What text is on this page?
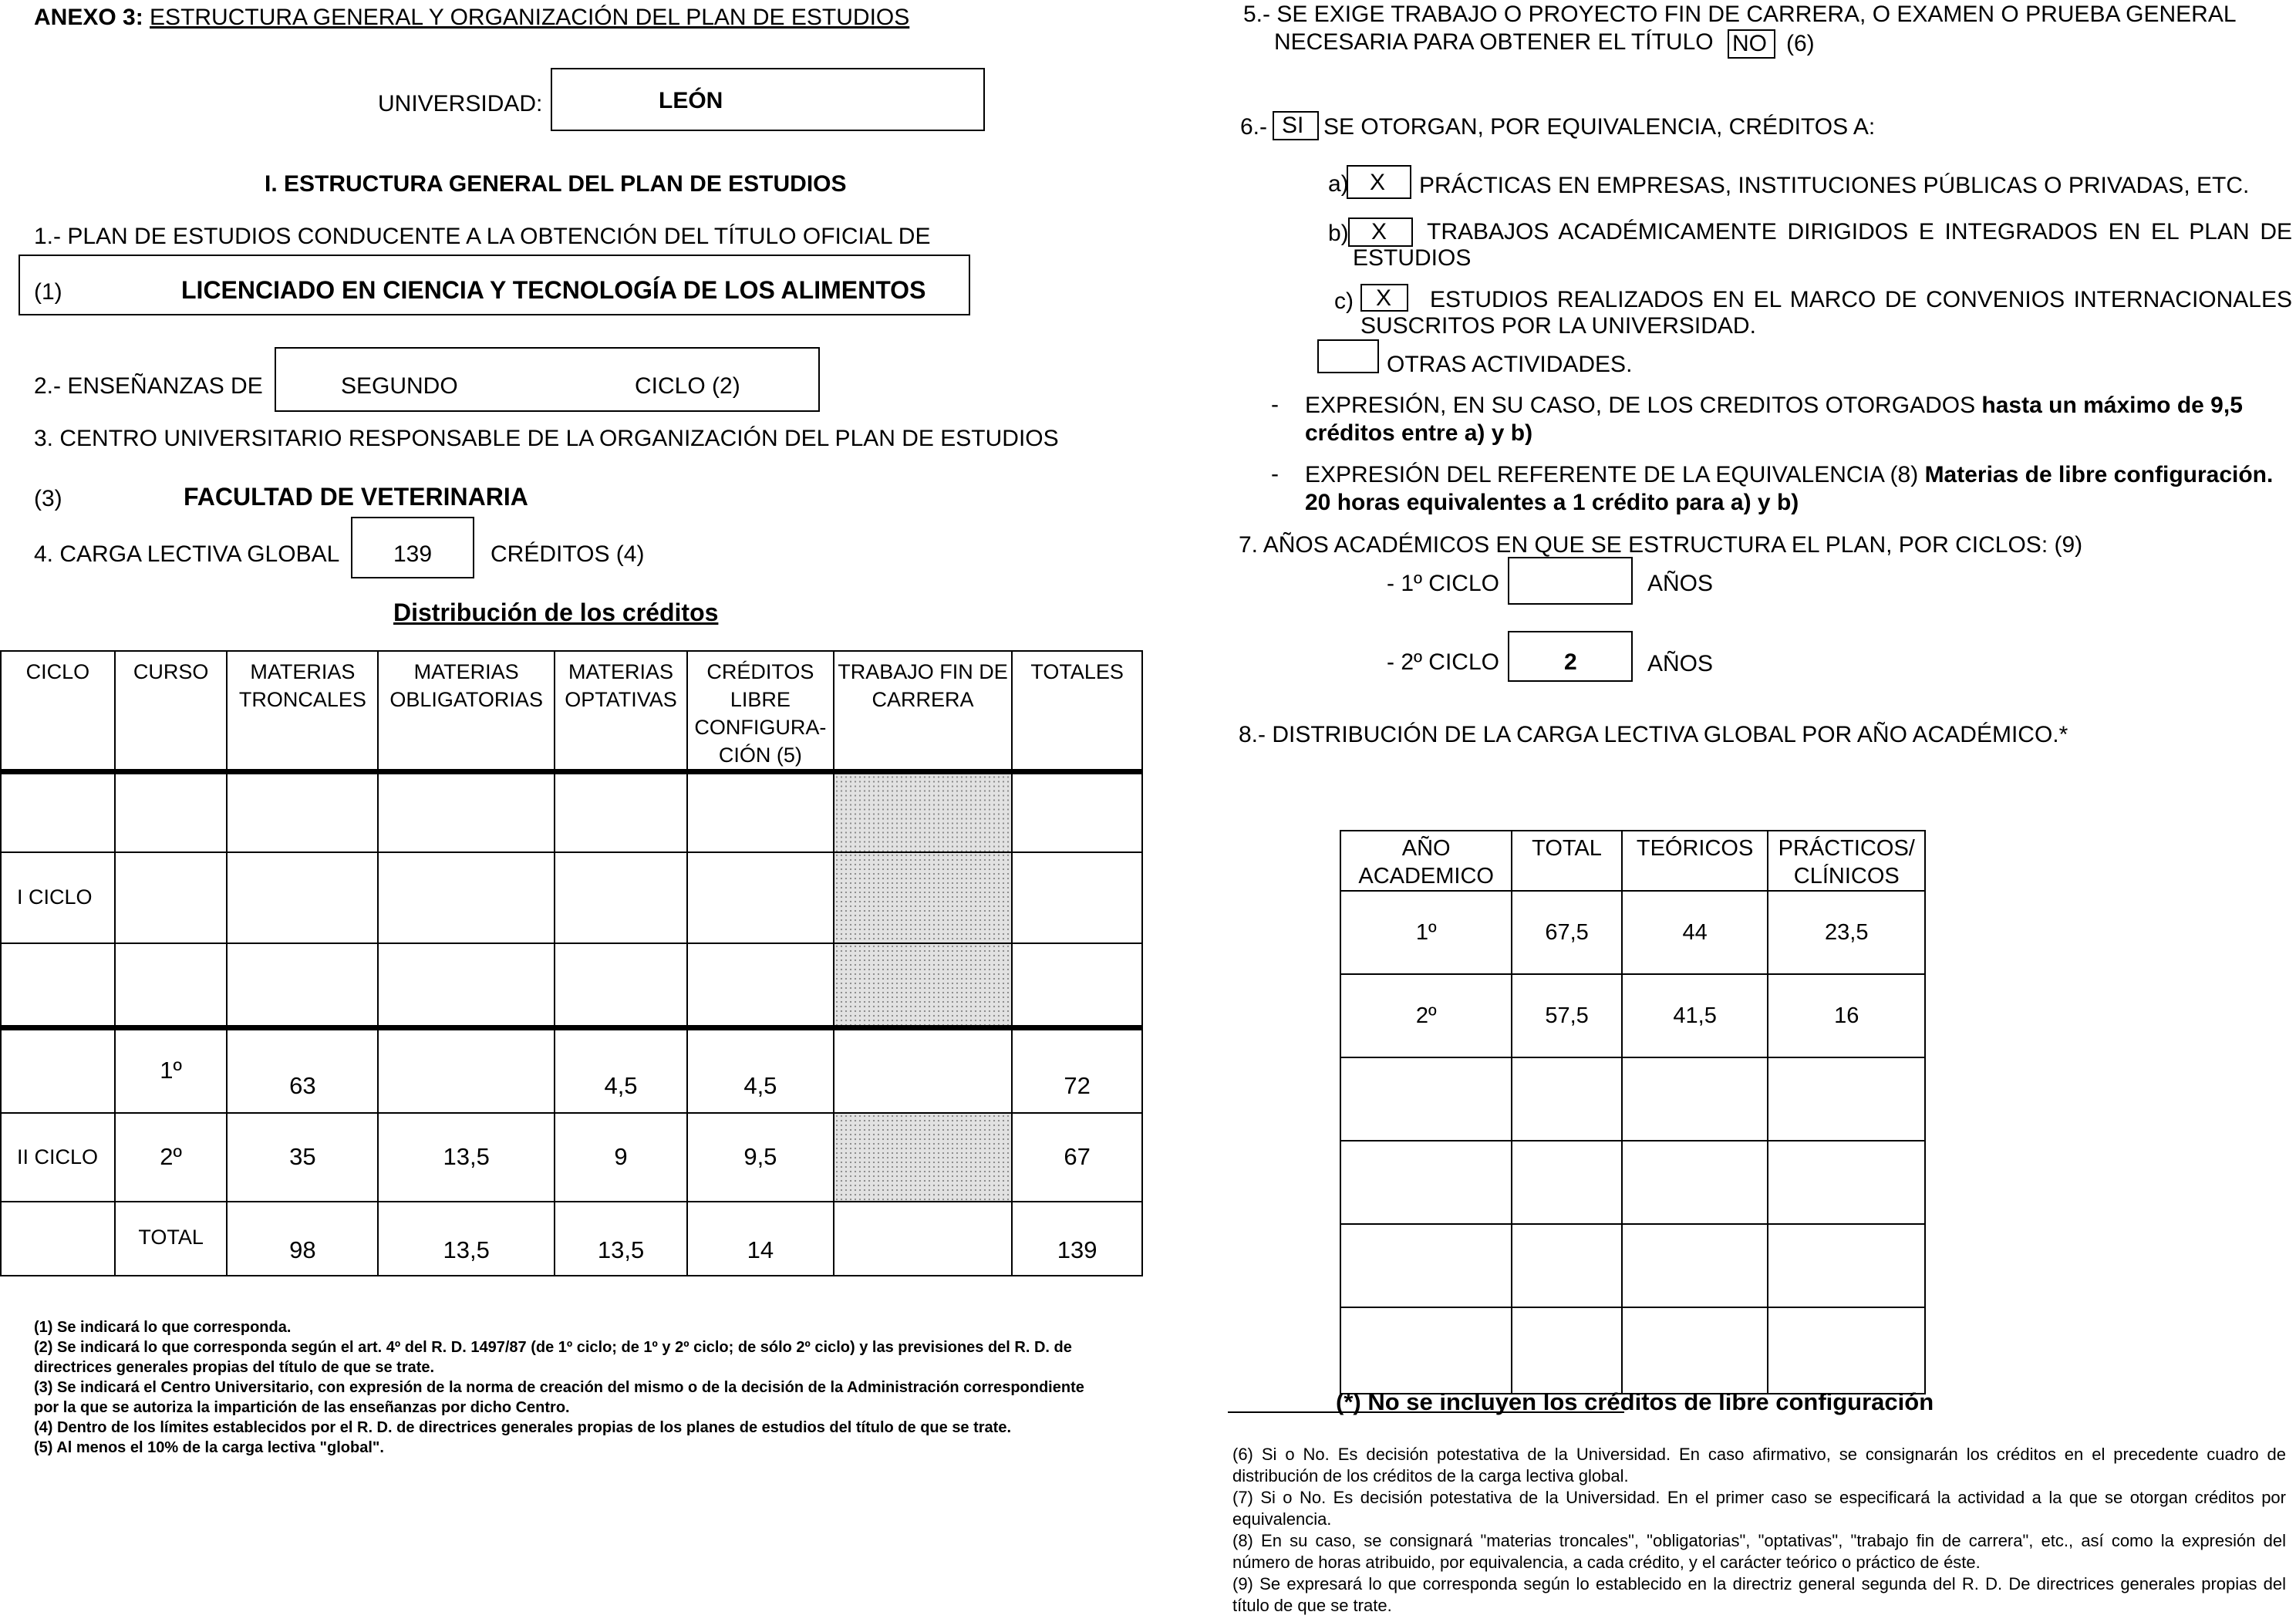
ANEXO 3: ESTRUCTURA GENERAL Y ORGANIZACIÓN DEL PLAN DE ESTUDIOS
UNIVERSIDAD:	LEÓN
I. ESTRUCTURA GENERAL DEL PLAN DE ESTUDIOS
1.- PLAN DE ESTUDIOS CONDUCENTE A LA OBTENCIÓN DEL TÍTULO OFICIAL DE
(1)	LICENCIADO EN CIENCIA Y TECNOLOGÍA DE LOS ALIMENTOS
2.- ENSEÑANZAS DE	SEGUNDO	CICLO (2)
3. CENTRO UNIVERSITARIO RESPONSABLE DE LA ORGANIZACIÓN DEL PLAN DE ESTUDIOS
(3)	FACULTAD DE VETERINARIA
4. CARGA LECTIVA GLOBAL 139	CRÉDITOS (4)
Distribución de los créditos
CICLO	CURSO	MATERIAS TRONCALES	MATERIAS OBLIGATORIAS	MATERIAS OPTATIVAS	CRÉDITOS LIBRE CONFIGURA- CIÓN (5)	TRABAJO FIN DE CARRERA	TOTALES

I CICLO							

	1º	63		4,5	4,5		72
II CICLO	2º	35	13,5	9	9,5		67
	TOTAL	98	13,5	13,5	14		139
(1) Se indicará lo que corresponda.
(2) Se indicará lo que corresponda según el art. 4º del R. D. 1497/87 (de 1º ciclo; de 1º y 2º ciclo; de sólo 2º ciclo) y las previsiones del R. D. de directrices generales propias del título de que se trate.
(3) Se indicará el Centro Universitario, con expresión de la norma de creación del mismo o de la decisión de la Administración correspondiente por la que se autoriza la impartición de las enseñanzas por dicho Centro.
(4) Dentro de los límites establecidos por el R. D. de directrices generales propias de los planes de estudios del título de que se trate.
(5) Al menos el 10% de la carga lectiva "global".
5.- SE EXIGE TRABAJO O PROYECTO FIN DE CARRERA, O EXAMEN O PRUEBA GENERAL
NECESARIA PARA OBTENER EL TÍTULO NO (6)
6.- SI SE OTORGAN, POR EQUIVALENCIA, CRÉDITOS A:
a) X PRÁCTICAS EN EMPRESAS, INSTITUCIONES PÚBLICAS O PRIVADAS, ETC.
b) X	TRABAJOS ACADÉMICAMENTE DIRIGIDOS E INTEGRADOS EN EL PLAN DE ESTUDIOS
c) X	ESTUDIOS REALIZADOS EN EL MARCO DE CONVENIOS INTERNACIONALES SUSCRITOS POR LA UNIVERSIDAD.
OTRAS ACTIVIDADES.
- EXPRESIÓN, EN SU CASO, DE LOS CREDITOS OTORGADOS hasta un máximo de 9,5 créditos entre a) y b)
- EXPRESIÓN DEL REFERENTE DE LA EQUIVALENCIA (8) Materias de libre configuración. 20 horas equivalentes a 1 crédito para a) y b)
7. AÑOS ACADÉMICOS EN QUE SE ESTRUCTURA EL PLAN, POR CICLOS: (9)
- 1º CICLO	AÑOS
- 2º CICLO	2	AÑOS
8.- DISTRIBUCIÓN DE LA CARGA LECTIVA GLOBAL POR AÑO ACADÉMICO.*
AÑO ACADEMICO	TOTAL	TEÓRICOS	PRÁCTICOS/ CLÍNICOS
1º	67,5	44	23,5
2º	57,5	41,5	16

(*) No se incluyen los créditos de libre configuración
(6) Si o No. Es decisión potestativa de la Universidad. En caso afirmativo, se consignarán los créditos en el precedente cuadro de distribución de los créditos de la carga lectiva global.
(7) Si o No. Es decisión potestativa de la Universidad. En el primer caso se especificará la actividad a la que se otorgan créditos por equivalencia.
(8) En su caso, se consignará "materias troncales", "obligatorias", "optativas", "trabajo fin de carrera", etc., así como la expresión del número de horas atribuido, por equivalencia, a cada crédito, y el carácter teórico o práctico de éste.
(9) Se expresará lo que corresponda según lo establecido en la directriz general segunda del R. D. De directrices generales propias del título de que se trate.
